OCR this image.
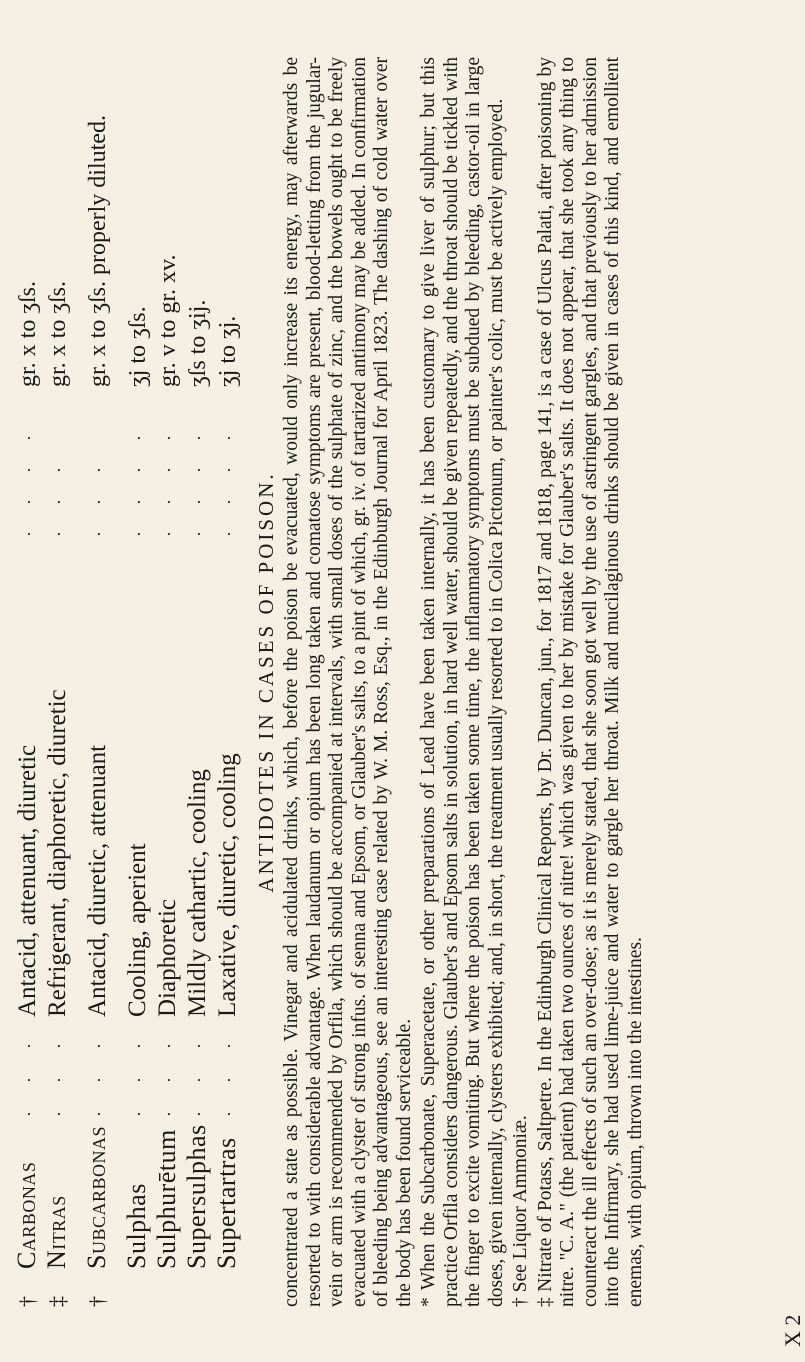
†
Carbonas
···
Antacid, attenuant, diuretic
····
gr. x to ʒſs.
‡
Nitras
···
Refrigerant, diaphoretic, diuretic
···
gr. x to ʒſs.
†
Subcarbonas
···
Antacid, diuretic, attenuant
···
gr. x to ʒſs. properly diluted.
Sulphas
···
Cooling, aperient
····
ʒj to ʒſs.
Sulphurētum
···
Diaphoretic
····
gr. v to gr. xv.
Supersulphas
···
Mildly cathartic, cooling
····
ʒſs to ʒij.
Supertartras
···
Laxative, diuretic, cooling
····
ʒj to ʒj.
ANTIDOTES IN CASES OF POISON.
X 2

concentrated a state as possible. Vinegar and acidulated drinks, which, before the poison be evacuated, would only increase its energy, may afterwards be resorted to with considerable advantage. When laudanum or opium has been long taken and comatose symptoms are present, blood-letting from the jugular-vein or arm is recommended by Orfila, which should be accompanied at intervals, with small doses of the sulphate of zinc, and the bowels ought to be freely evacuated with a clyster of strong infus. of senna and Epsom, or Glauber's salts, to a pint of which, gr. iv. of tartarized antimony may be added. In confirmation of bleeding being advantageous, see an interesting case related by W. M. Ross, Esq., in the Edinburgh Journal for April 1823. The dashing of cold water over the body has been found serviceable. * When the Subcarbonate, Superacetate, or other preparations of Lead have been taken internally, it has been customary to give liver of sulphur; but this practice Orfila considers dangerous. Glauber's and Epsom salts in solution, in hard well water, should be given repeatedly, and the throat should be tickled with the finger to excite vomiting. But where the poison has been taken some time, the inflammatory symptoms must be subdued by bleeding, castor-oil in large doses, given internally, clysters exhibited; and, in short, the treatment usually resorted to in Colica Pictonum, or painter's colic, must be actively employed. † See Liquor Ammoniæ. ‡ Nitrate of Potass, Saltpetre. In the Edinburgh Clinical Reports, by Dr. Duncan, jun., for 1817 and 1818, page 141, is a case of Ulcus Palati, after poisoning by nitre. "C. A." (the patient) had taken two ounces of nitre! which was given to her by mistake for Glauber's salts. It does not appear, that she took any thing to counteract the ill effects of such an over-dose; as it is merely stated, that she soon got well by the use of astringent gargles, and that previously to her admission into the Infirmary, she had used lime-juice and water to gargle her throat. Milk and mucilaginous drinks should be given in cases of this kind, and emollient enemas, with opium, thrown into the intestines.
